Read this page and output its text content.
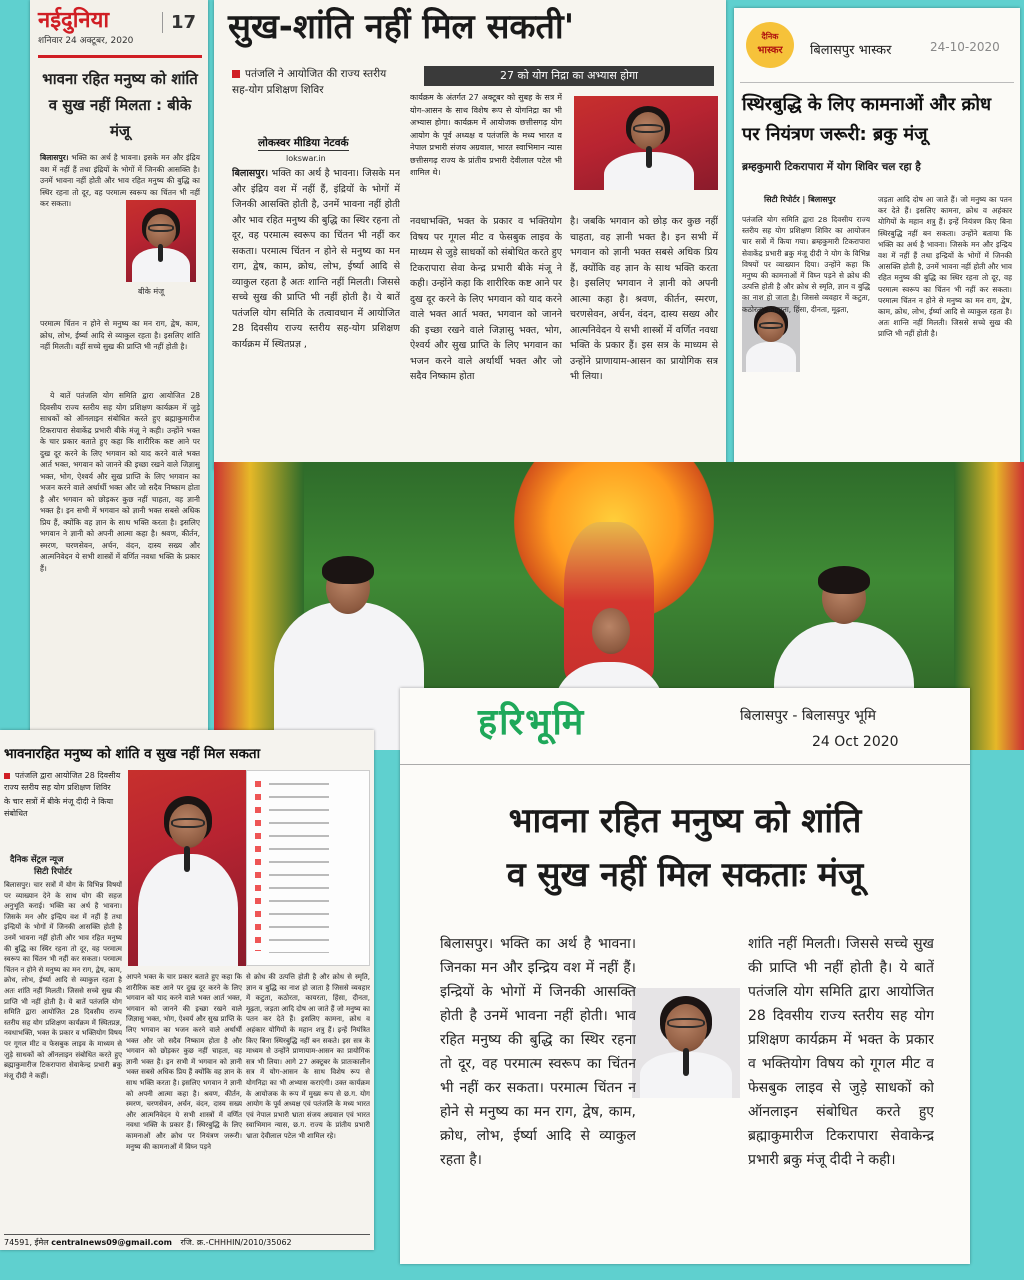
नईदुनिया
शनिवार 24 अक्टूबर, 2020
17
भावना रहित मनुष्य को शांति व सुख नहीं मिलता : बीके मंजू
बिलासपुर। भक्ति का अर्थ है भावना। इसके मन और इंद्रिय वश में नहीं हैं तथा इंद्रियों के भोगों में जिनकी आसक्ति है। उनमें भावना नहीं होती और भाव रहित मनुष्य की बुद्धि का स्थिर रहना तो दूर, वह परमात्म स्वरूप का चिंतन भी नहीं कर सकता।
बीके मंजू
परमात्म चिंतन न होने से मनुष्य का मन राग, द्वेष, काम, क्रोध, लोभ, ईर्ष्या आदि से व्याकुल रहता है। इसलिए शांति नहीं मिलती। वहीं सच्चे सुख की प्राप्ति भी नहीं होती है।
ये बातें पतंजलि योग समिति द्वारा आयोजित 28 दिवसीय राज्य स्तरीय सह योग प्रशिक्षण कार्यक्रम में जुड़े साधकों को ऑनलाइन संबोधित करते हुए ब्रह्माकुमारीज टिकरापारा सेवाकेंद्र प्रभारी बीके मंजू ने कही। उन्होंने भक्त के चार प्रकार बताते हुए कहा कि शारीरिक कष्ट आने पर दुख दूर करने के लिए भगवान को याद करने वाले भक्त आर्त भक्त, भगवान को जानने की इच्छा रखने वाले जिज्ञासु भक्त, भोग, ऐश्वर्य और सुख प्राप्ति के लिए भगवान का भजन करने वाले अर्थार्थी भक्त और जो सदैव निष्काम होता है और भगवान को छोड़कर कुछ नहीं चाहता, वह ज्ञानी भक्त है। इन सभी में भगवान को ज्ञानी भक्त सबसे अधिक प्रिय हैं, क्योंकि वह ज्ञान के साथ भक्ति करता है। इसलिए भगवान ने ज्ञानी को अपनी आत्मा कहा है। श्रवण, कीर्तन, स्मरण, चरणसेवन, अर्चन, वंदन, दास्य सख्य और आत्मनिवेदन ये सभी शास्त्रों में वर्णित नवधा भक्ति के प्रकार हैं।
सुख-शांति नहीं मिल सकती'
पतंजलि ने आयोजित की राज्य स्तरीय सह-योग प्रशिक्षण शिविर
लोकस्वर मीडिया नेटवर्क
lokswar.in
बिलासपुर। भक्ति का अर्थ है भावना। जिसके मन और इंद्रिय वश में नहीं हैं, इंद्रियों के भोगों में जिनकी आसक्ति होती है, उनमें भावना नहीं होती और भाव रहित मनुष्य की बुद्धि का स्थिर रहना तो दूर, वह परमात्म स्वरूप का चिंतन भी नहीं कर सकता। परमात्म चिंतन न होने से मनुष्य का मन राग, द्वेष, काम, क्रोध, लोभ, ईर्ष्या आदि से व्याकुल रहता है अतः शान्ति नहीं मिलती। जिससे सच्चे सुख की प्राप्ति भी नहीं होती है। ये बातें पतंजलि योग समिति के तत्वावधान में आयोजित 28 दिवसीय राज्य स्तरीय सह-योग प्रशिक्षण कार्यक्रम में स्थितप्रज्ञ ,
27 को योग निद्रा का अभ्यास होगा
कार्यक्रम के अंतर्गत 27 अक्टूबर को सुबह के सत्र में योग-आसन के साथ विशेष रूप से योगनिद्रा का भी अभ्यास होगा। कार्यक्रम में आयोजक छत्तीसगढ़ योग आयोग के पूर्व अध्यक्ष व पतंजलि के मध्य भारत व नेपाल प्रभारी संजय अग्रवाल, भारत स्वाभिमान न्यास छत्तीसगढ़ राज्य के प्रांतीय प्रभारी देवीलाल पटेल भी शामिल थे।
नवधाभक्ति, भक्त के प्रकार व भक्तियोग विषय पर गूगल मीट व फेसबुक लाइव के माध्यम से जुड़े साधकों को संबोधित करते हुए टिकरापारा सेवा केन्द्र प्रभारी बीके मंजू ने कही। उन्होंने कहा कि शारीरिक कष्ट आने पर दुख दूर करने के लिए भगवान को याद करने वाले भक्त आर्त भक्त, भगवान को जानने की इच्छा रखने वाले जिज्ञासु भक्त, भोग, ऐश्वर्य और सुख प्राप्ति के लिए भगवान का भजन करने वाले अर्थार्थी भक्त और जो सदैव निष्काम होता
है। जबकि भगवान को छोड़ कर कुछ नहीं चाहता, वह ज्ञानी भक्त है। इन सभी में भगवान को ज्ञानी भक्त सबसे अधिक प्रिय हैं, क्योंकि वह ज्ञान के साथ भक्ति करता है। इसलिए भगवान ने ज्ञानी को अपनी आत्मा कहा है। श्रवण, कीर्तन, स्मरण, चरणसेवन, अर्चन, वंदन, दास्य सख्य और आत्मनिवेदन ये सभी शास्त्रों में वर्णित नवधा भक्ति के प्रकार हैं। इस सत्र के माध्यम से उन्होंने प्राणायाम-आसन का प्रायोगिक सत्र भी लिया।
दैनिक
भास्कर	बिलासपुर भास्कर	24-10-2020
स्थिरबुद्धि के लिए कामनाओं और क्रोध पर नियंत्रण जरूरी: ब्रकु मंजू
ब्रम्हकुमारी टिकरापारा में योग शिविर चल रहा है
सिटी रिपोर्टर | बिलासपुर
पतंजलि योग समिति द्वारा 28 दिवसीय राज्य स्तरीय सह योग प्रशिक्षण शिविर का आयोजन चार सत्रों में किया गया। ब्रम्हकुमारी टिकरापारा सेवाकेंद्र प्रभारी ब्रकु मंजू दीदी ने योग के विभिन्न विषयों पर व्याख्यान दिया। उन्होंने कहा कि मनुष्य की कामनाओं में विघ्न पड़ने से क्रोध की उत्पत्ति होती है और क्रोध से स्मृति, ज्ञान व बुद्धि का नाश हो जाता है। जिससे व्यवहार में कटुता, कठोरता, कायरता, हिंसा, दीनता, मूढ़ता,
जड़ता आदि दोष आ जाते हैं। जो मनुष्य का पतन कर देते हैं। इसलिए कामना, क्रोध व अहंकार योगियों के महान शत्रु हैं। इन्हें नियंत्रण किए बिना स्थिरबुद्धि नहीं बन सकता। उन्होंने बताया कि भक्ति का अर्थ है भावना। जिसके मन और इन्द्रिय वश में नहीं हैं तथा इन्द्रियों के भोगों में जिनकी आसक्ति होती है, उनमें भावना नहीं होती और भाव रहित मनुष्य की बुद्धि का स्थिर रहना तो दूर, वह परमात्म स्वरूप का चिंतन भी नहीं कर सकता। परमात्म चिंतन न होने से मनुष्य का मन राग, द्वेष, काम, क्रोध, लोभ, ईर्ष्या आदि से व्याकुल रहता है। अतः शान्ति नहीं मिलती। जिससे सच्चे सुख की प्राप्ति भी नहीं होती है।
भावनारहित मनुष्य को शांति व सुख नहीं मिल सकता
पतंजलि द्वारा आयोजित 28 दिवसीय राज्य स्तरीय सह योग प्रशिक्षण शिविर
के चार सत्रों में बीके मंजू दीदी ने किया संबोधित
दैनिक सेंट्रल न्यूज
सिटी रिपोर्टर
बिलासपुर। चार सत्रों में योग के विभिन्न विषयों पर व्याख्यान देने के साथ योग की सहज अनुभूति कराई। भक्ति का अर्थ है भावना। जिसके मन और इन्द्रिय वश में नहीं हैं तथा इन्द्रियों के भोगों में जिनकी आसक्ति होती है उनमें भावना नहीं होती और भाव रहित मनुष्य की बुद्धि का स्थिर रहना तो दूर, वह परमात्म स्वरूप का चिंतन भी नहीं कर सकता। परमात्म चिंतन न होने से मनुष्य का मन राग, द्वेष, काम, क्रोध, लोभ, ईर्ष्या आदि से व्याकुल रहता है अतः शांति नहीं मिलती। जिससे सच्चे सुख की प्राप्ति भी नहीं होती है। ये बातें पतंजलि योग समिति द्वारा आयोजित 28 दिवसीय राज्य स्तरीय सह योग प्रशिक्षण कार्यक्रम में स्थितप्रज्ञ, नवधाभक्ति, भक्त के प्रकार व भक्तियोग विषय पर गूगल मीट व फेसबुक लाइव के माध्यम से जुड़े साधकों को ऑनलाइन संबोधित करते हुए ब्रह्माकुमारीज टिकरापारा सेवाकेन्द्र प्रभारी ब्रकु मंजू दीदी ने कहीं।
आपने भक्त के चार प्रकार बताते हुए कहा कि शारीरिक कष्ट आने पर दुख दूर करने के लिए भगवान को याद करने वाले भक्त आर्त भक्त, भगवान को जानने की इच्छा रखने वाले जिज्ञासु भक्त, भोग, ऐश्वर्य और सुख प्राप्ति के लिए भगवान का भजन करने वाले अर्थार्थी भक्त और जो सदैव निष्काम होता है और भगवान को छोड़कर कुछ नहीं चाहता, वह ज्ञानी भक्त है। इन सभी में भगवान को ज्ञानी भक्त सबसे अधिक प्रिय हैं क्योंकि वह ज्ञान के साथ भक्ति करता है। इसलिए भगवान ने ज्ञानी को अपनी आत्मा कहा है। श्रवण, कीर्तन, स्मरण, चरणसेवन, अर्चन, वंदन, दास्य सख्य और आत्मनिवेदन ये सभी शास्त्रों में वर्णित नवधा भक्ति के प्रकार हैं। स्थिरबुद्धि के लिए कामनाओं और क्रोध पर नियंत्रण जरूरी। मनुष्य की कामनाओं में विघ्न पड़ने
से क्रोध की उत्पत्ति होती है और क्रोध से स्मृति, ज्ञान व बुद्धि का नाश हो जाता है जिससे व्यवहार में कटुता, कठोरता, कायरता, हिंसा, दीनता, मूढ़ता, जड़ता आदि दोष आ जाते हैं जो मनुष्य का पतन कर देते हैं। इसलिए कामना, क्रोध व अहंकार योगियों के महान शत्रु हैं। इन्हें नियंत्रित किए बिना स्थिरबुद्धि नहीं बन सकते। इस सत्र के माध्यम से उन्होंने प्राणायाम-आसन का प्रायोगिक सत्र भी लिया। आगे 27 अक्टूबर के प्रातःकालीन सत्र में योग-आसन के साथ विशेष रूप से योगनिद्रा का भी अभ्यास कराएंगी। उक्त कार्यक्रम के आयोजक के रूप में मुख्य रूप से छ.ग. योग आयोग के पूर्व अध्यक्ष एवं पतंजलि के मध्य भारत एवं नेपाल प्रभारी भ्राता संजय अग्रवाल एवं भारत स्वाभिमान न्यास, छ.ग. राज्य के प्रांतीय प्रभारी भ्राता देवीलाल पटेल भी शामिल रहे।
74591, ईमेल centralnews09@gmail.com रजि. क्र.-CHHHIN/2010/35062
हरिभूमि	बिलासपुर - बिलासपुर भूमि
24 Oct 2020
भावना रहित मनुष्य को शांति
व सुख नहीं मिल सकताः मंजू
बिलासपुर। भक्ति का अर्थ है भावना। जिनका मन और इन्द्रिय वश में नहीं हैं। इन्द्रियों के भोगों में जिनकी आसक्ति होती है उनमें भावना नहीं होती। भाव रहित मनुष्य की बुद्धि का स्थिर रहना तो दूर, वह परमात्म स्वरूप का चिंतन भी नहीं कर सकता। परमात्म चिंतन न होने से मनुष्य का मन राग, द्वेष, काम, क्रोध, लोभ, ईर्ष्या आदि से व्याकुल रहता है।
शांति नहीं मिलती। जिससे सच्चे सुख की प्राप्ति भी नहीं होती है। ये बातें पतंजलि योग समिति द्वारा आयोजित 28 दिवसीय राज्य स्तरीय सह योग प्रशिक्षण कार्यक्रम में भक्त के प्रकार व भक्तियोग विषय को गूगल मीट व फेसबुक लाइव से जुड़े साधकों को ऑनलाइन संबोधित करते हुए ब्रह्माकुमारीज टिकरापारा सेवाकेन्द्र प्रभारी ब्रकु मंजू दीदी ने कही।
